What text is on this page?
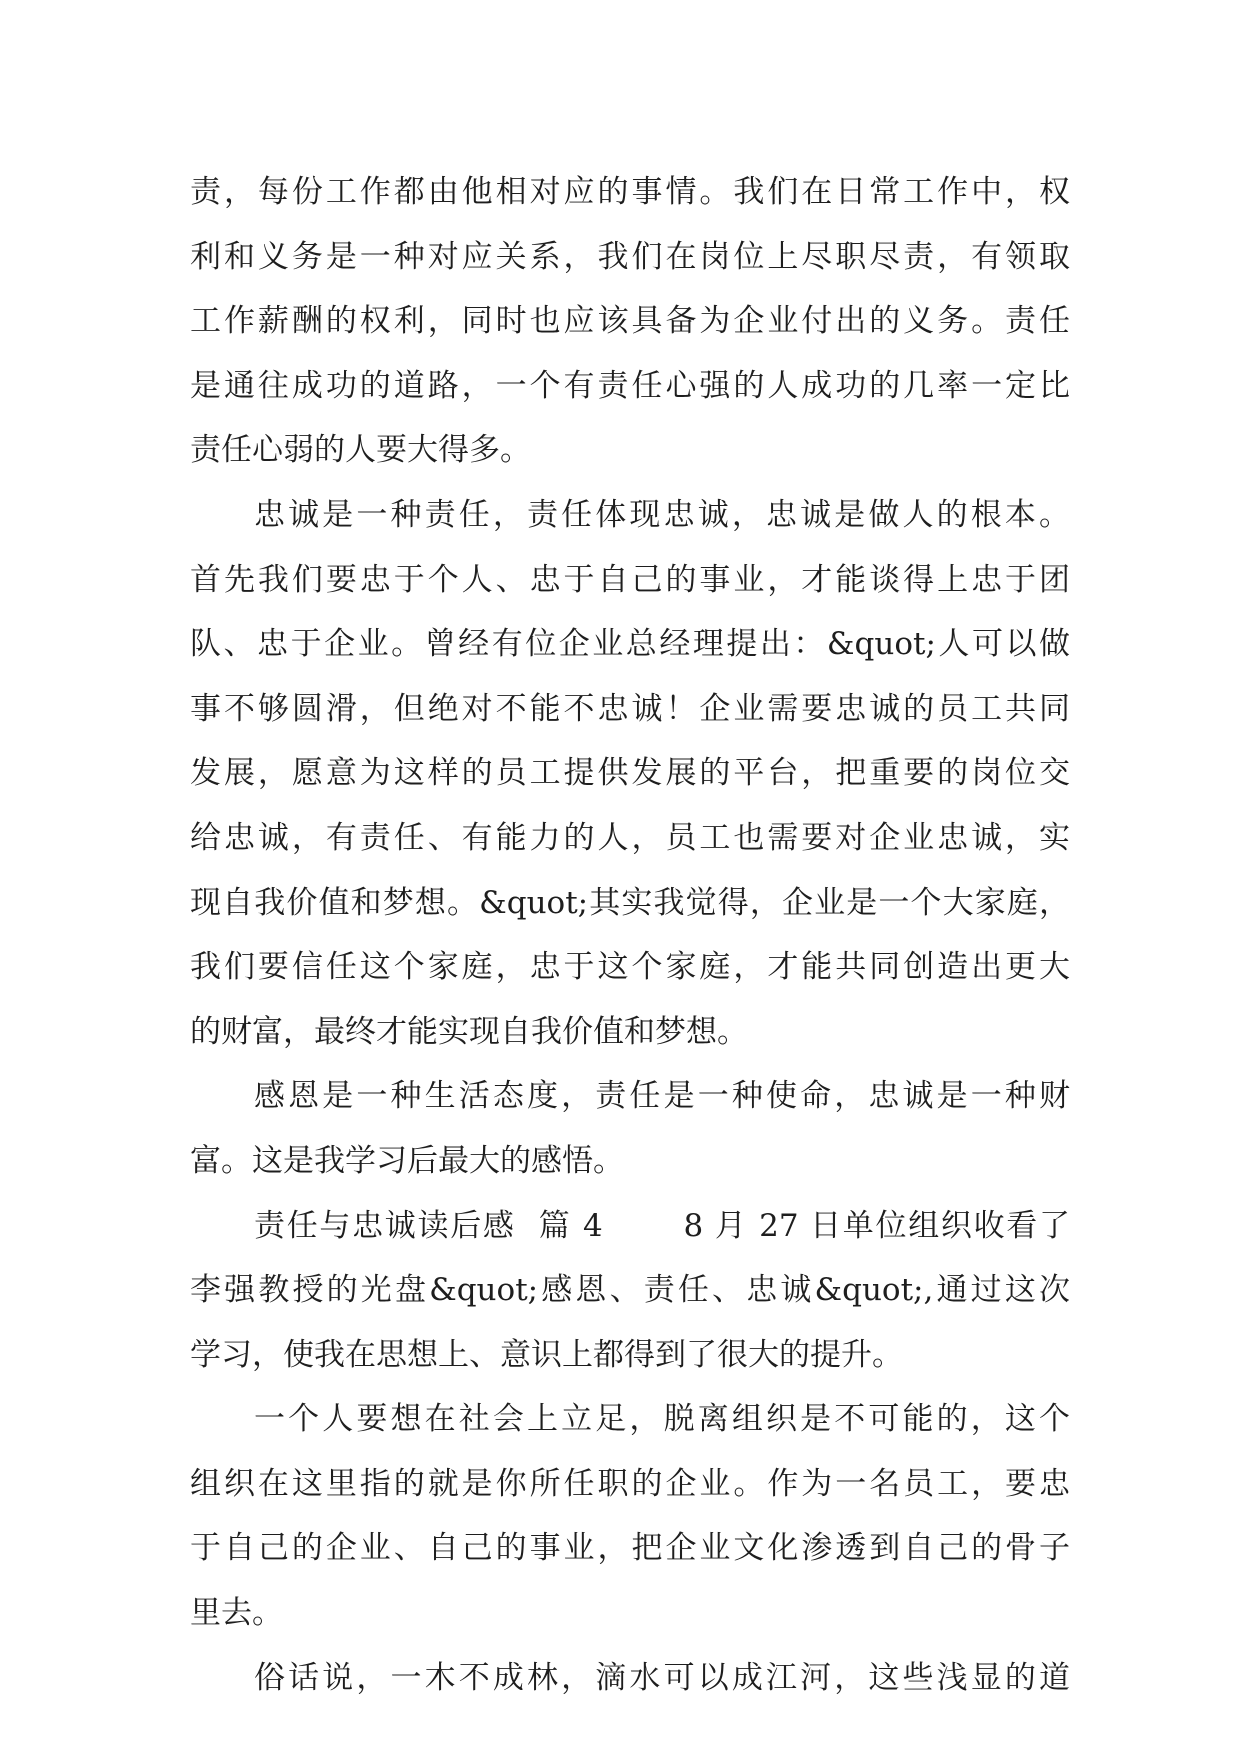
责，每份工作都由他相对应的事情。我们在日常工作中，权
利和义务是一种对应关系，我们在岗位上尽职尽责，有领取
工作薪酬的权利，同时也应该具备为企业付出的义务。责任
是通往成功的道路，一个有责任心强的人成功的几率一定比
责任心弱的人要大得多。
忠诚是一种责任，责任体现忠诚，忠诚是做人的根本。
首先我们要忠于个人、忠于自己的事业，才能谈得上忠于团
队、忠于企业。曾经有位企业总经理提出：&quot;人可以做
事不够圆滑，但绝对不能不忠诚！企业需要忠诚的员工共同
发展，愿意为这样的员工提供发展的平台，把重要的岗位交
给忠诚，有责任、有能力的人，员工也需要对企业忠诚，实
现自我价值和梦想。&quot;其实我觉得，企业是一个大家庭，
我们要信任这个家庭，忠于这个家庭，才能共同创造出更大
的财富，最终才能实现自我价值和梦想。
感恩是一种生活态度，责任是一种使命，忠诚是一种财
富。这是我学习后最大的感悟。
责任与忠诚读后感  篇 4       8 月 27 日单位组织收看了
李强教授的光盘&quot;感恩、责任、忠诚&quot;,通过这次
学习，使我在思想上、意识上都得到了很大的提升。
一个人要想在社会上立足，脱离组织是不可能的，这个
组织在这里指的就是你所任职的企业。作为一名员工，要忠
于自己的企业、自己的事业，把企业文化渗透到自己的骨子
里去。
俗话说，一木不成林，滴水可以成江河，这些浅显的道
